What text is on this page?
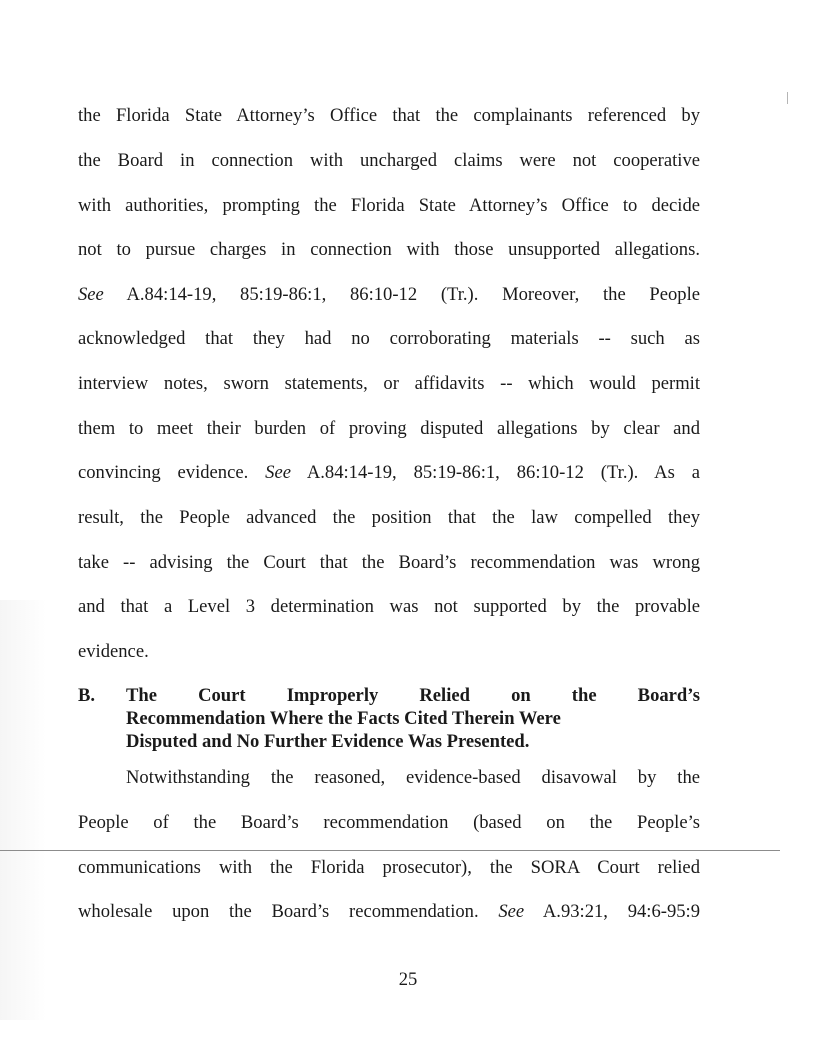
the Florida State Attorney’s Office that the complainants referenced by
the Board in connection with uncharged claims were not cooperative
with authorities, prompting the Florida State Attorney’s Office to decide
not to pursue charges in connection with those unsupported allegations.
See A.84:14-19, 85:19-86:1, 86:10-12 (Tr.). Moreover, the People
acknowledged that they had no corroborating materials -- such as
interview notes, sworn statements, or affidavits -- which would permit
them to meet their burden of proving disputed allegations by clear and
convincing evidence. See A.84:14-19, 85:19-86:1, 86:10-12 (Tr.). As a
result, the People advanced the position that the law compelled they
take -- advising the Court that the Board’s recommendation was wrong
and that a Level 3 determination was not supported by the provable
evidence.
B. The Court Improperly Relied on the Board’s
Recommendation Where the Facts Cited Therein Were
Disputed and No Further Evidence Was Presented.
Notwithstanding the reasoned, evidence-based disavowal by the
People of the Board’s recommendation (based on the People’s
communications with the Florida prosecutor), the SORA Court relied
wholesale upon the Board’s recommendation. See A.93:21, 94:6-95:9
25
